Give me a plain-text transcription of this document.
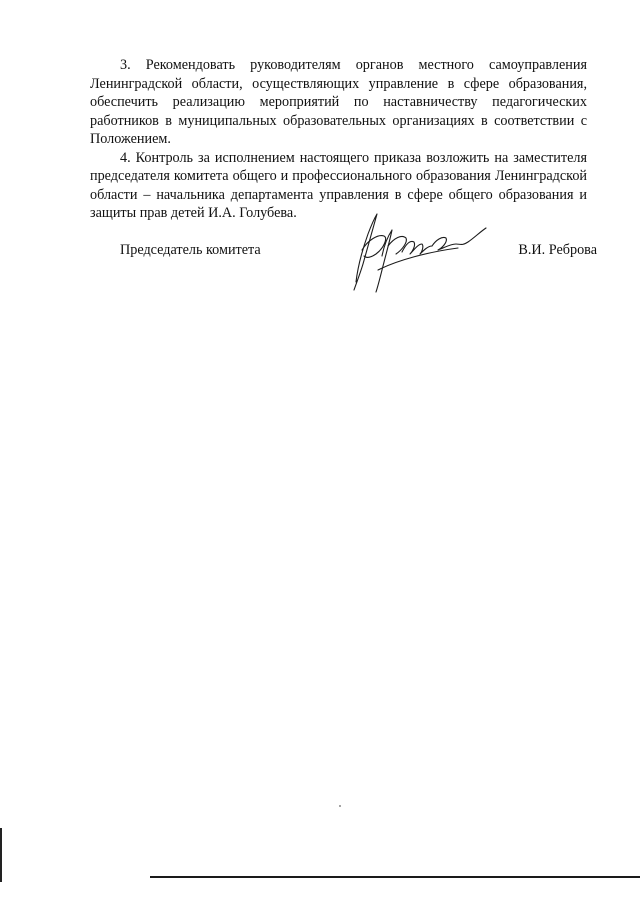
3. Рекомендовать руководителям органов местного самоуправления Ленинградской области, осуществляющих управление в сфере образования, обеспечить реализацию мероприятий по наставничеству педагогических работников в муниципальных образовательных организациях в соответствии с Положением.

4. Контроль за исполнением настоящего приказа возложить на заместителя председателя комитета общего и профессионального образования Ленинградской области – начальника департамента управления в сфере общего образования и защиты прав детей И.А. Голубева.

Председатель комитета	В.И. Реброва
